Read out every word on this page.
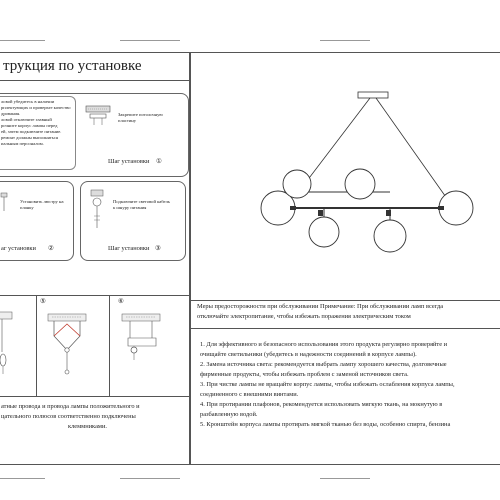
трукция по установке
ловой убедитесь в наличии
рплектующих и проверьте качество
дрования.
ловой отключите главный
рочните корпус лампы перед
ей, затем подключите питание.
ремонт должны выполняться
иальным персоналом.
Закрепите потолочную
пластину
Шаг установки ①
Установить люстру на
планку
аг установки ②
Подключите световой кабель
к шнуру питания
Шаг установки ③
⑤	⑥
атные провода и провода лампы положительного и
цательного полюсов соответственно подключены
клеммниками.
Меры предосторожности при обслуживании Примечание: При обслуживании ламп всегда
отключайте электропитание, чтобы избежать поражения электрическим током
1. Для эффективного и безопасного использования этого продукта регулярно проверяйте и
очищайте светильники (убедитесь в надежности соединений в корпусе лампы).
2. Замена источника света: рекомендуется выбрать лампу хорошего качества, долговечные
фирменные продукты, чтобы избежать проблем с заменой источников света.
3. При чистке лампы не вращайте корпус лампы, чтобы избежать ослабления корпуса лампы,
соединенного с внешними винтами.
4. При протирании плафонов, рекомендуется использовать мягкую ткань, на мокнутую в
разбавленную водой.
5. Кронштейн корпуса лампы протирать мягкой тканью без воды, особенно спирта, бензина
